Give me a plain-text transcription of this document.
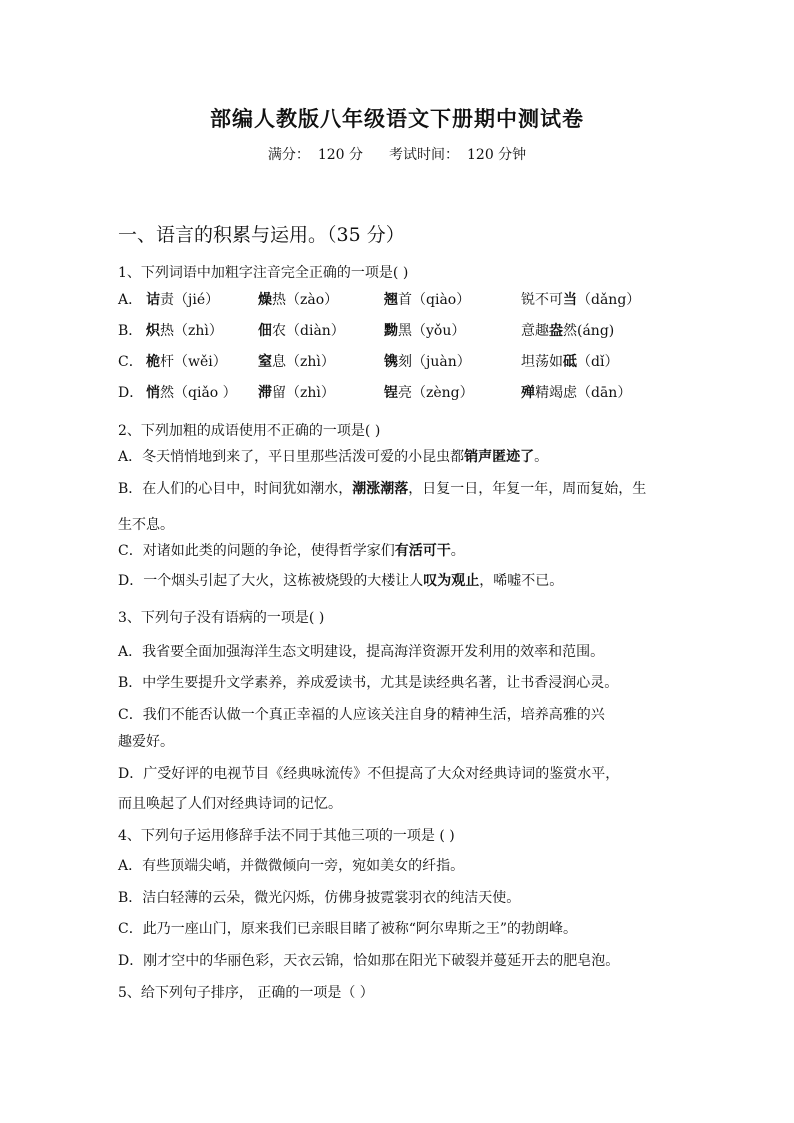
部编人教版八年级语文下册期中测试卷
满分： 120 分 考试时间： 120 分钟
一、语言的积累与运用。（35 分）
1、下列词语中加粗字注音完全正确的一项是( )
A． 诘责（jié）	燥热（zào）	翘首（qiào）	锐不可当（dǎng）
B． 炽热（zhì）	佃农（diàn）	黝黑（yǒu）	意趣盎然(áng)
C． 桅杆（wěi） 窒息（zhì）	镌刻（juàn）	坦荡如砥（dǐ）
D． 悄然（qiǎo ） 滞留（zhì）	锃亮（zèng）	殚精竭虑（dān）
2、下列加粗的成语使用不正确的一项是( )
A．冬天悄悄地到来了，平日里那些活泼可爱的小昆虫都销声匿迹了。
B．在人们的心目中，时间犹如潮水，潮涨潮落，日复一日，年复一年，周而复始，生
生不息。
C．对诸如此类的问题的争论，使得哲学家们有活可干。
D．一个烟头引起了大火，这栋被烧毁的大楼让人叹为观止，唏嘘不已。
3、下列句子没有语病的一项是( )
A．我省要全面加强海洋生态文明建设，提高海洋资源开发利用的效率和范围。
B．中学生要提升文学素养，养成爱读书，尤其是读经典名著，让书香浸润心灵。
C．我们不能否认做一个真正幸福的人应该关注自身的精神生活，培养高雅的兴
趣爱好。
D．广受好评的电视节目《经典咏流传》不但提高了大众对经典诗词的鉴赏水平，
而且唤起了人们对经典诗词的记忆。
4、下列句子运用修辞手法不同于其他三项的一项是 ( )
A．有些顶端尖峭，并微微倾向一旁，宛如美女的纤指。
B．洁白轻薄的云朵，微光闪烁，仿佛身披霓裳羽衣的纯洁天使。
C．此乃一座山门，原来我们已亲眼目睹了被称“阿尔卑斯之王”的勃朗峰。
D．刚才空中的华丽色彩，天衣云锦，恰如那在阳光下破裂并蔓延开去的肥皂泡。
5、给下列句子排序， 正确的一项是（ ）
